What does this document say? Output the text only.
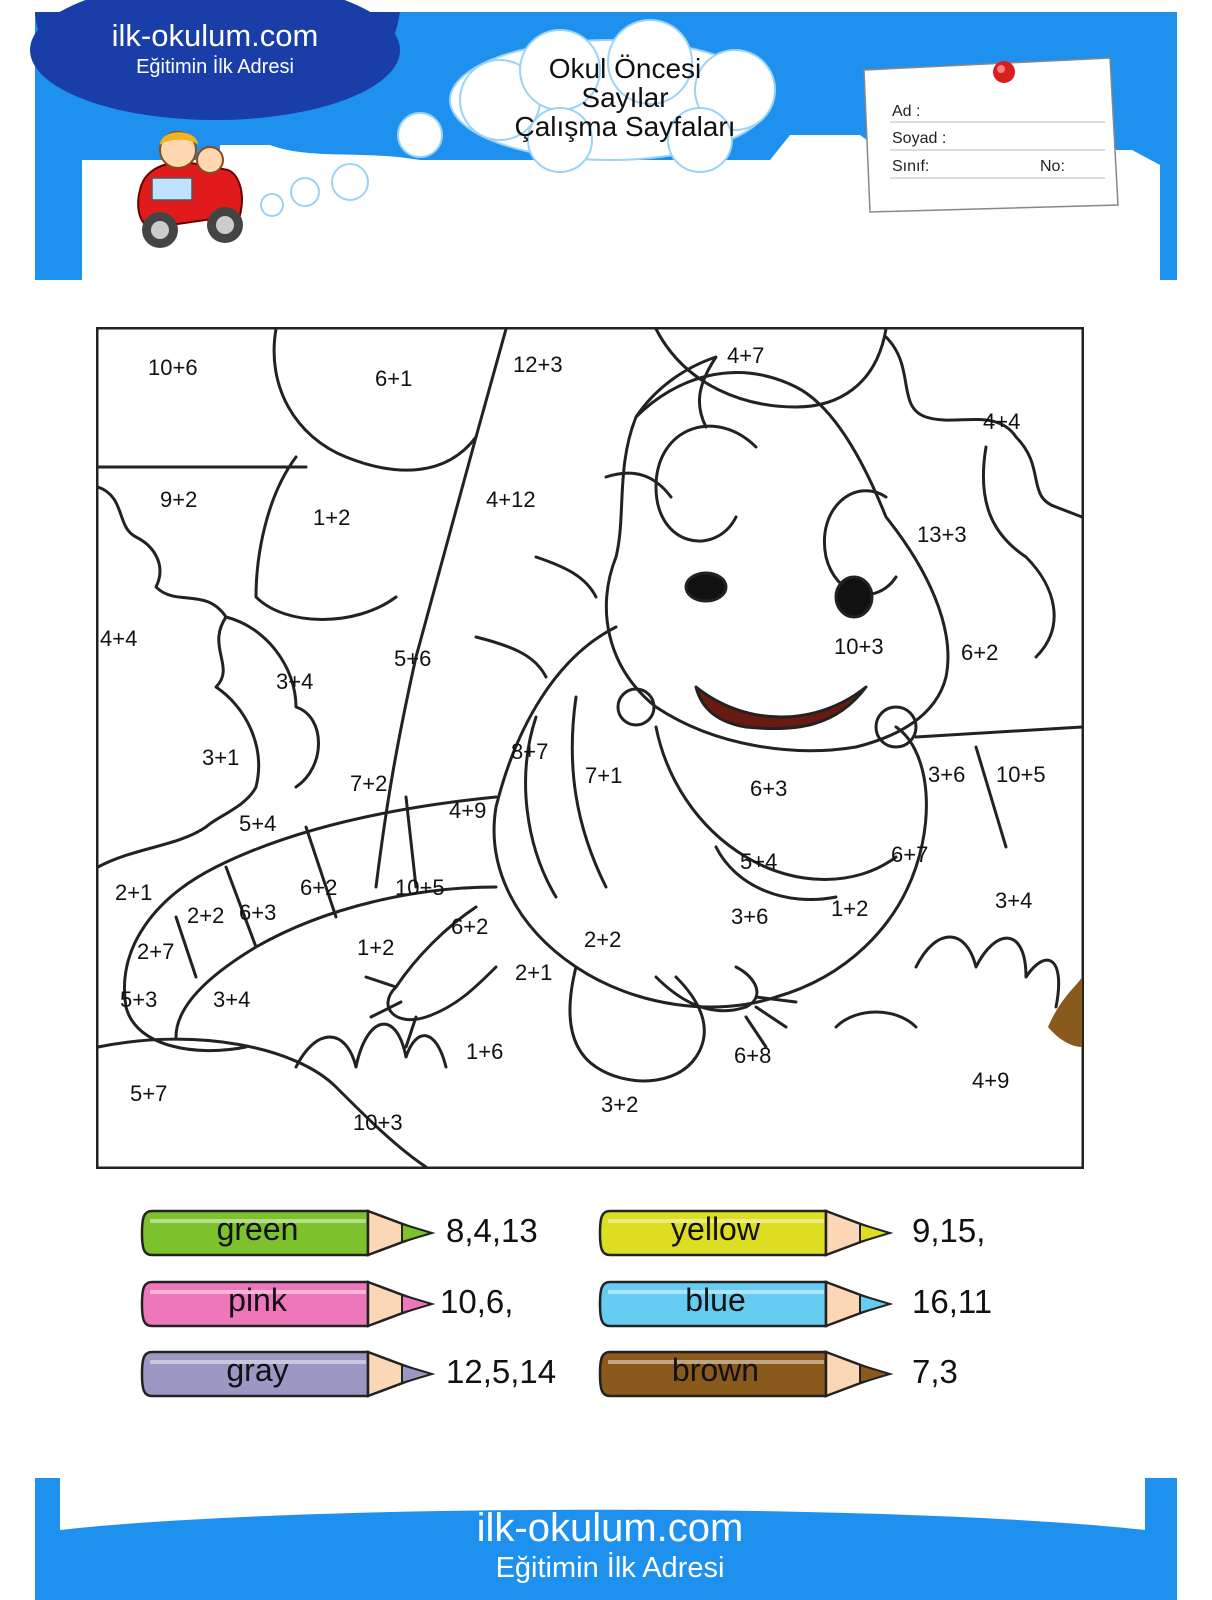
ilk-okulum.com
Eğitimin İlk Adresi	Okul Öncesi
Sayılar
Çalışma Sayfaları	Ad :
Soyad :
Sınıf:	No:
10+6	6+1
12+3	4+7
4+4
9+2
1+2
4+12
13+3
4+4
3+4
5+6	10+3	6+2
3+1	8+7
7+1
6+3
3+6 10+5
7+2
5+4
4+9
5+4	6+7
2+1	6+2	10+5
2+2 6+3
6+2
2+2
3+6	1+2	3+4
2+7	1+2
2+1
5+3	3+4
1+6	6+8
4+9
5+7
10+3
3+2
green	8,4,13	yellow	9,15,
pink	10,6,	blue	16,11
gray	12,5,14	brown	7,3
ilk-okulum.com
Eğitimin İlk Adresi
